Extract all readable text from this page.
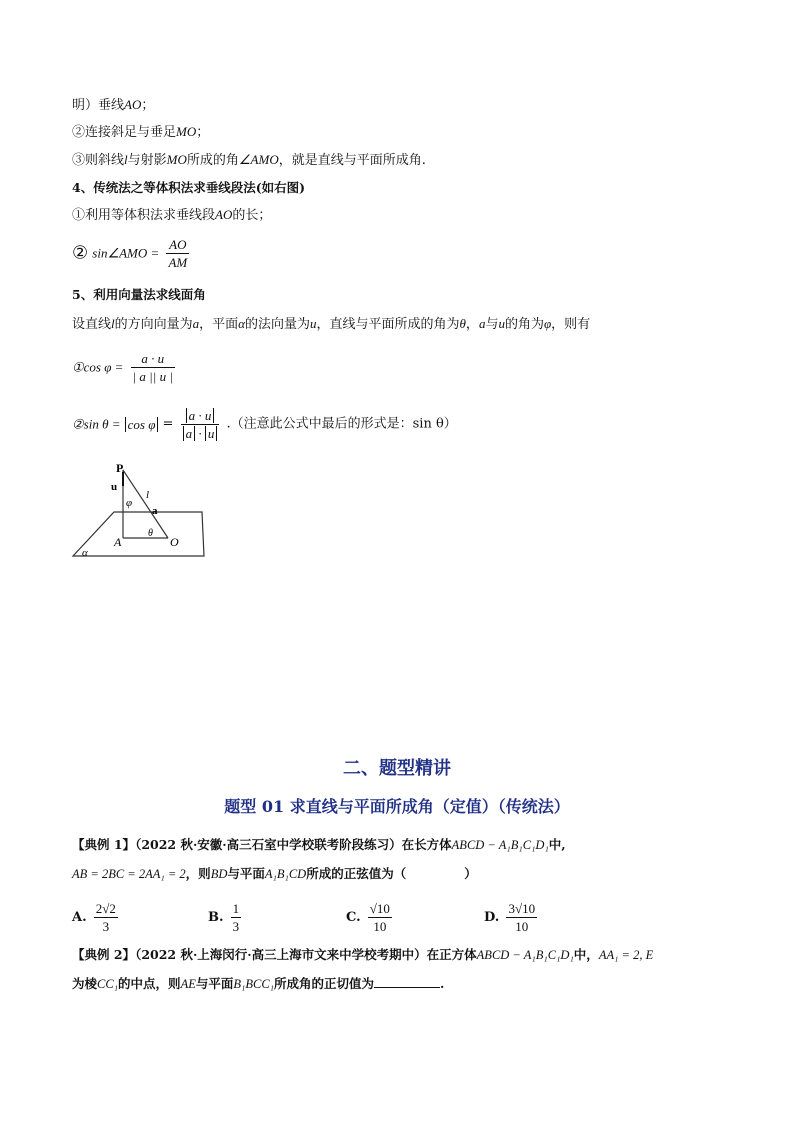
明）垂线AO；
②连接斜足与垂足MO；
③则斜线l与射影MO所成的角∠AMO，就是直线与平面所成角.
4、传统法之等体积法求垂线段法(如右图)
①利用等体积法求垂线段AO的长；
② sin∠AMO = $\frac{AO}{AM}$
5、利用向量法求线面角
设直线l的方向向量为a，平面α的法向量为u，直线与平面所成的角为θ，a与u的角为φ，则有
①cos $\varphi = \frac{a \cdot u}{| a || u |}$
②sin $\theta = \cos \varphi = \frac{a \cdot u}{a \cdot u}$ .（注意此公式中最后的形式是：sin θ）
P
u
l
φ
a
A
θ
O
α
二、题型精讲
题型 01 求直线与平面所成角（定值）（传统法）
【典例 1】（2022 秋·安徽·高三石室中学校联考阶段练习）在长方体ABCD − A₁B₁C₁D₁中,
AB = 2BC = 2AA₁ = 2，则BD与平面A₁B₁CD所成的正弦值为（	）
A. $\frac{2√2}{3}$	B. $\frac{1}{3}$	C. $\frac{√10}{10}$	D. $\frac{3√10}{10}$
【典例 2】（2022 秋·上海闵行·高三上海市文来中学校考期中）在正方体ABCD − A₁B₁C₁D₁中，AA₁ = 2, E
为棱CC₁的中点，则AE与平面B₁BCC₁所成角的正切值为	.
